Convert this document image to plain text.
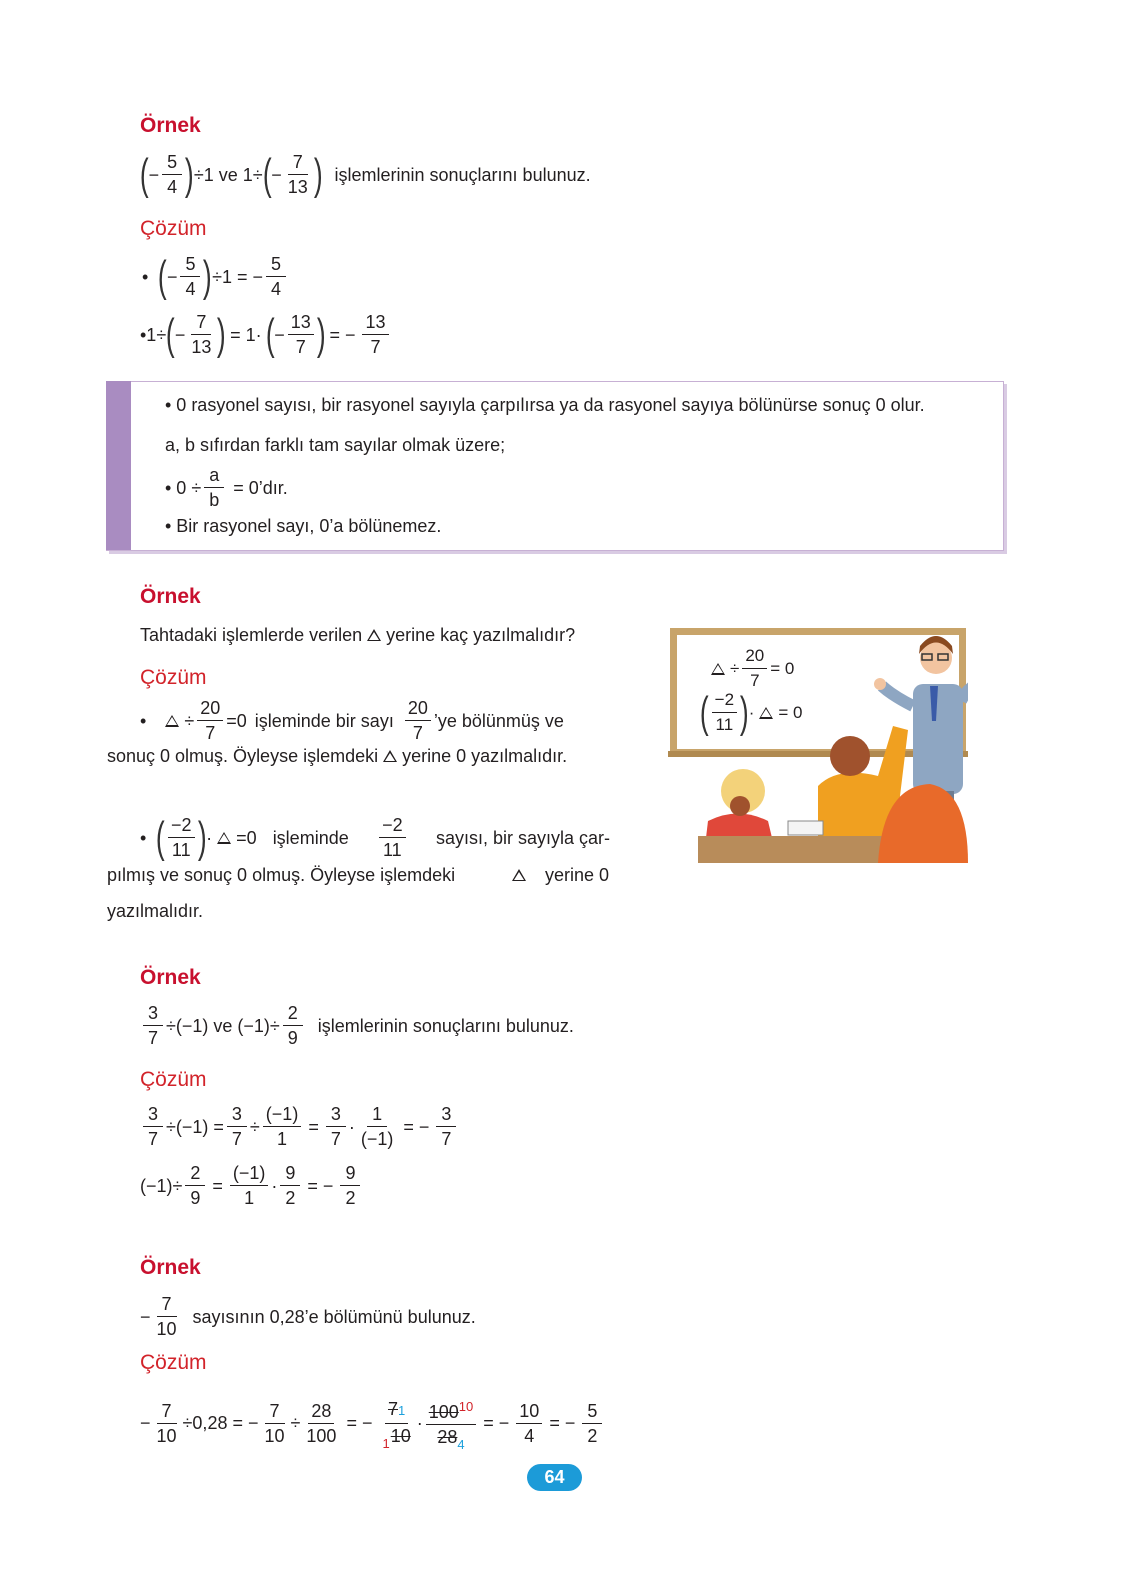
Örnek
( − $\frac{5}{4}$ ) ÷1 ve 1÷ ( − $\frac{7}{13}$ ) işlemlerinin sonuçlarını bulunuz.
Çözüm
• ( − $\frac{5}{4}$ ) ÷1 = − $\frac{5}{4}$
•1÷ ( − $\frac{7}{13}$ ) = 1· ( − $\frac{13}{7}$ ) = − $\frac{13}{7}$
• 0 rasyonel sayısı, bir rasyonel sayıyla çarpılırsa ya da rasyonel sayıya bölünürse sonuç 0 olur.
a, b sıfırdan farklı tam sayılar olmak üzere;
• $0 \div \frac{a}{b}$ = 0’dır.
• Bir rasyonel sayı, 0’a bölünemez.
Örnek
Tahtadaki işlemlerde verilen yerine kaç yazılmalıdır?
Çözüm
• ÷ $\frac{20}{7} =0$ işleminde bir sayı $\frac{20}{7}$ ’ye bölünmüş ve
sonuç 0 olmuş. Öyleyse işlemdeki yerine 0 yazılmalıdır.
• ( $\frac{-2}{11}$ ) · =0 işleminde $\frac{-2}{11}$ sayısı, bir sayıyla çar-
pılmış ve sonuç 0 olmuş. Öyleyse işlemdeki	yerine 0
yazılmalıdır.
÷ $\frac{20}{7} = 0$
( $\frac{-2}{11}$ ) · = 0
Örnek
$\frac{3}{7} \div(-1)$ ve $(-1)\div \frac{2}{9}$ işlemlerinin sonuçlarını bulunuz.
Çözüm
$\frac{3}{7} \div(-1) = \frac{3}{7} \div \frac{(-1)}{1} = \frac{3}{7} \cdot \frac{1}{(-1)}$ = − $\frac{3}{7}$
$(-1)\div \frac{2}{9} = \frac{(-1)}{1} \cdot \frac{9}{2}$ = − $\frac{9}{2}$
Örnek
− $\frac{7}{10}$ sayısının 0,28’e bölümünü bulunuz.
Çözüm
− $\frac{7}{10} \div 0,28$ = − $\frac{7}{10} \div \frac{28}{100}$ = − $\frac{71}{_110} \cdot \frac{100^{10}}{28_4}$ = − $\frac{10}{4}$ = − $\frac{5}{2}$
64
